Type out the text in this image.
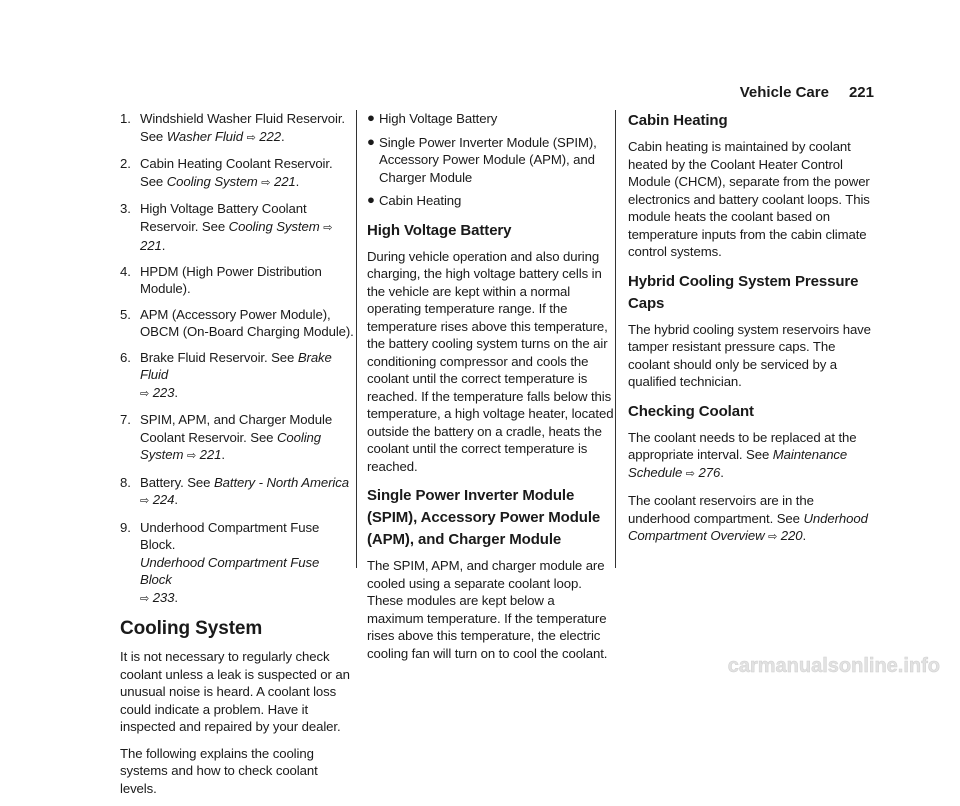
Vehicle Care 221
1. Windshield Washer Fluid Reservoir. See Washer Fluid ⇨ 222.
2. Cabin Heating Coolant Reservoir. See Cooling System ⇨ 221.
3. High Voltage Battery Coolant Reservoir. See Cooling System ⇨ 221.
4. HPDM (High Power Distribution Module).
5. APM (Accessory Power Module), OBCM (On-Board Charging Module).
6. Brake Fluid Reservoir. See Brake Fluid
⇨ 223.
7. SPIM, APM, and Charger Module Coolant Reservoir. See Cooling System ⇨ 221.
8. Battery. See Battery - North America
⇨ 224.
9. Underhood Compartment Fuse Block.
Underhood Compartment Fuse Block
⇨ 233.
Cooling System

It is not necessary to regularly check coolant unless a leak is suspected or an unusual noise is heard. A coolant loss could indicate a problem. Have it inspected and repaired by your dealer.

The following explains the cooling systems and how to check coolant levels.

● High Voltage Battery
● Single Power Inverter Module (SPIM), Accessory Power Module (APM), and Charger Module
● Cabin Heating
High Voltage Battery

During vehicle operation and also during charging, the high voltage battery cells in the vehicle are kept within a normal operating temperature range. If the temperature rises above this temperature, the battery cooling system turns on the air conditioning compressor and cools the coolant until the correct temperature is reached. If the temperature falls below this temperature, a high voltage heater, located outside the battery on a cradle, heats the coolant until the correct temperature is reached.

Single Power Inverter Module (SPIM), Accessory Power Module (APM), and Charger Module

The SPIM, APM, and charger module are cooled using a separate coolant loop. These modules are kept below a maximum temperature. If the temperature rises above this temperature, the electric cooling fan will turn on to cool the coolant.

Cabin Heating

Cabin heating is maintained by coolant heated by the Coolant Heater Control Module (CHCM), separate from the power electronics and battery coolant loops. This module heats the coolant based on temperature inputs from the cabin climate control systems.

Hybrid Cooling System Pressure Caps

The hybrid cooling system reservoirs have tamper resistant pressure caps. The coolant should only be serviced by a qualified technician.

Checking Coolant

The coolant needs to be replaced at the appropriate interval. See Maintenance Schedule ⇨ 276.

The coolant reservoirs are in the underhood compartment. See Underhood Compartment Overview ⇨ 220.

carmanualsonline.info
